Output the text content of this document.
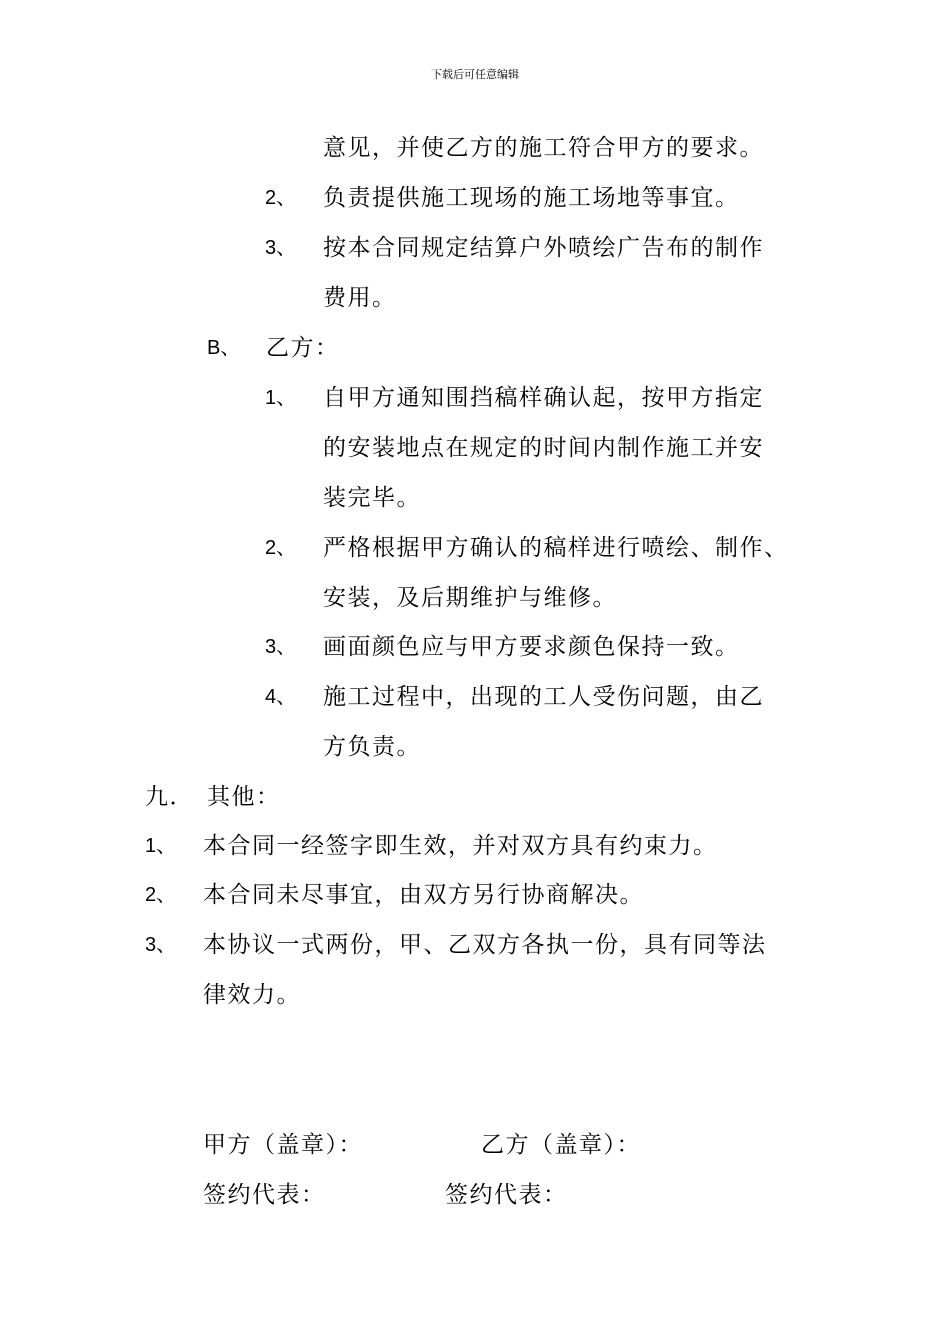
下载后可任意编辑
意见，并使乙方的施工符合甲方的要求。
2、 负责提供施工现场的施工场地等事宜。
3、 按本合同规定结算户外喷绘广告布的制作
费用。
B、 乙方：
1、 自甲方通知围挡稿样确认起，按甲方指定
的安装地点在规定的时间内制作施工并安
装完毕。
2、 严格根据甲方确认的稿样进行喷绘、制作、
安装，及后期维护与维修。
3、 画面颜色应与甲方要求颜色保持一致。
4、 施工过程中，出现的工人受伤问题，由乙
方负责。
九． 其他：
1、 本合同一经签字即生效，并对双方具有约束力。
2、 本合同未尽事宜，由双方另行协商解决。
3、 本协议一式两份，甲、乙双方各执一份，具有同等法
律效力。
甲方（盖章）：	乙方（盖章）：
签约代表：	签约代表：
